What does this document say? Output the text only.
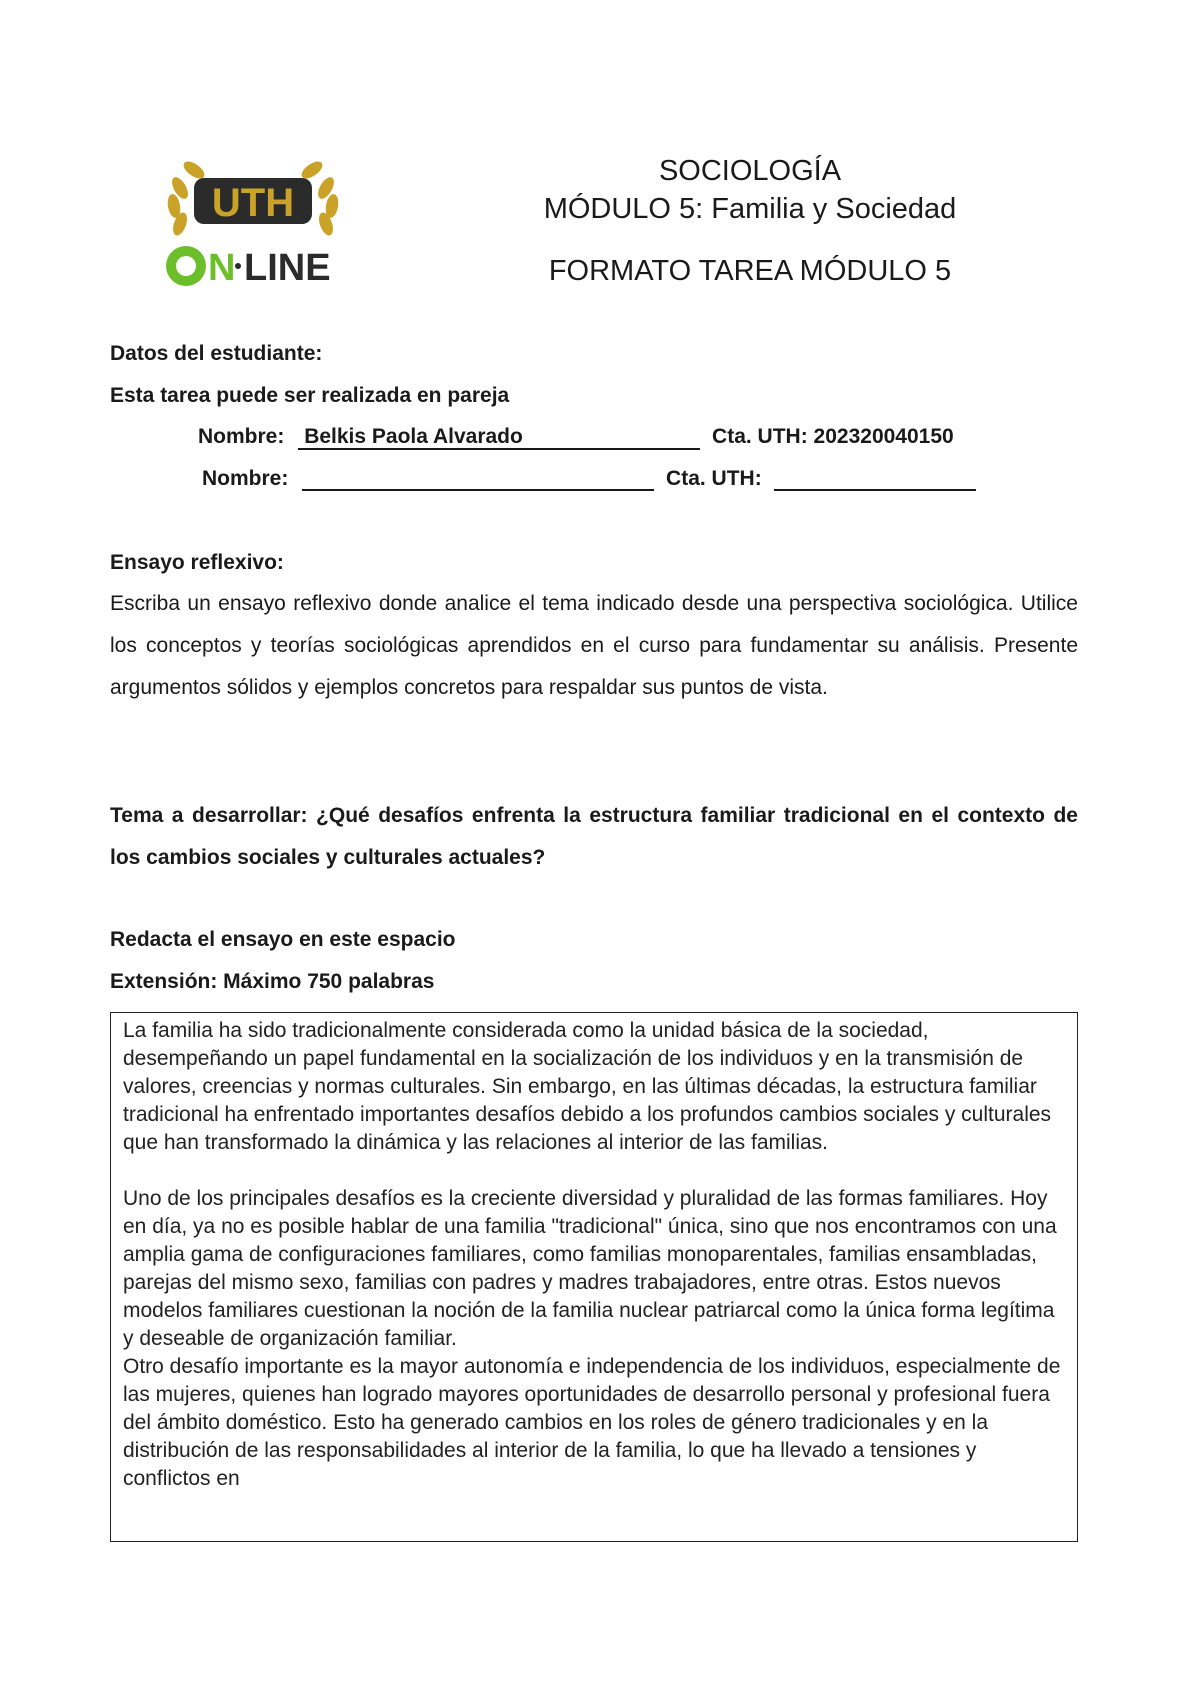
UTH
N LINE
SOCIOLOGÍA
MÓDULO 5: Familia y Sociedad
FORMATO TAREA MÓDULO 5
Datos del estudiante:
Esta tarea puede ser realizada en pareja
Nombre: Belkis Paola Alvarado	Cta. UTH: 202320040150
Nombre:	Cta. UTH:
Ensayo reflexivo:
Escriba un ensayo reflexivo donde analice el tema indicado desde una perspectiva sociológica. Utilice los conceptos y teorías sociológicas aprendidos en el curso para fundamentar su análisis. Presente argumentos sólidos y ejemplos concretos para respaldar sus puntos de vista.
Tema a desarrollar: ¿Qué desafíos enfrenta la estructura familiar tradicional en el contexto de los cambios sociales y culturales actuales?
Redacta el ensayo en este espacio
Extensión: Máximo 750 palabras

La familia ha sido tradicionalmente considerada como la unidad básica de la sociedad, desempeñando un papel fundamental en la socialización de los individuos y en la transmisión de valores, creencias y normas culturales. Sin embargo, en las últimas décadas, la estructura familiar tradicional ha enfrentado importantes desafíos debido a los profundos cambios sociales y culturales que han transformado la dinámica y las relaciones al interior de las familias.

Uno de los principales desafíos es la creciente diversidad y pluralidad de las formas familiares. Hoy en día, ya no es posible hablar de una familia "tradicional" única, sino que nos encontramos con una amplia gama de configuraciones familiares, como familias monoparentales, familias ensambladas, parejas del mismo sexo, familias con padres y madres trabajadores, entre otras. Estos nuevos modelos familiares cuestionan la noción de la familia nuclear patriarcal como la única forma legítima y deseable de organización familiar.

Otro desafío importante es la mayor autonomía e independencia de los individuos, especialmente de las mujeres, quienes han logrado mayores oportunidades de desarrollo personal y profesional fuera del ámbito doméstico. Esto ha generado cambios en los roles de género tradicionales y en la distribución de las responsabilidades al interior de la familia, lo que ha llevado a tensiones y conflictos en
